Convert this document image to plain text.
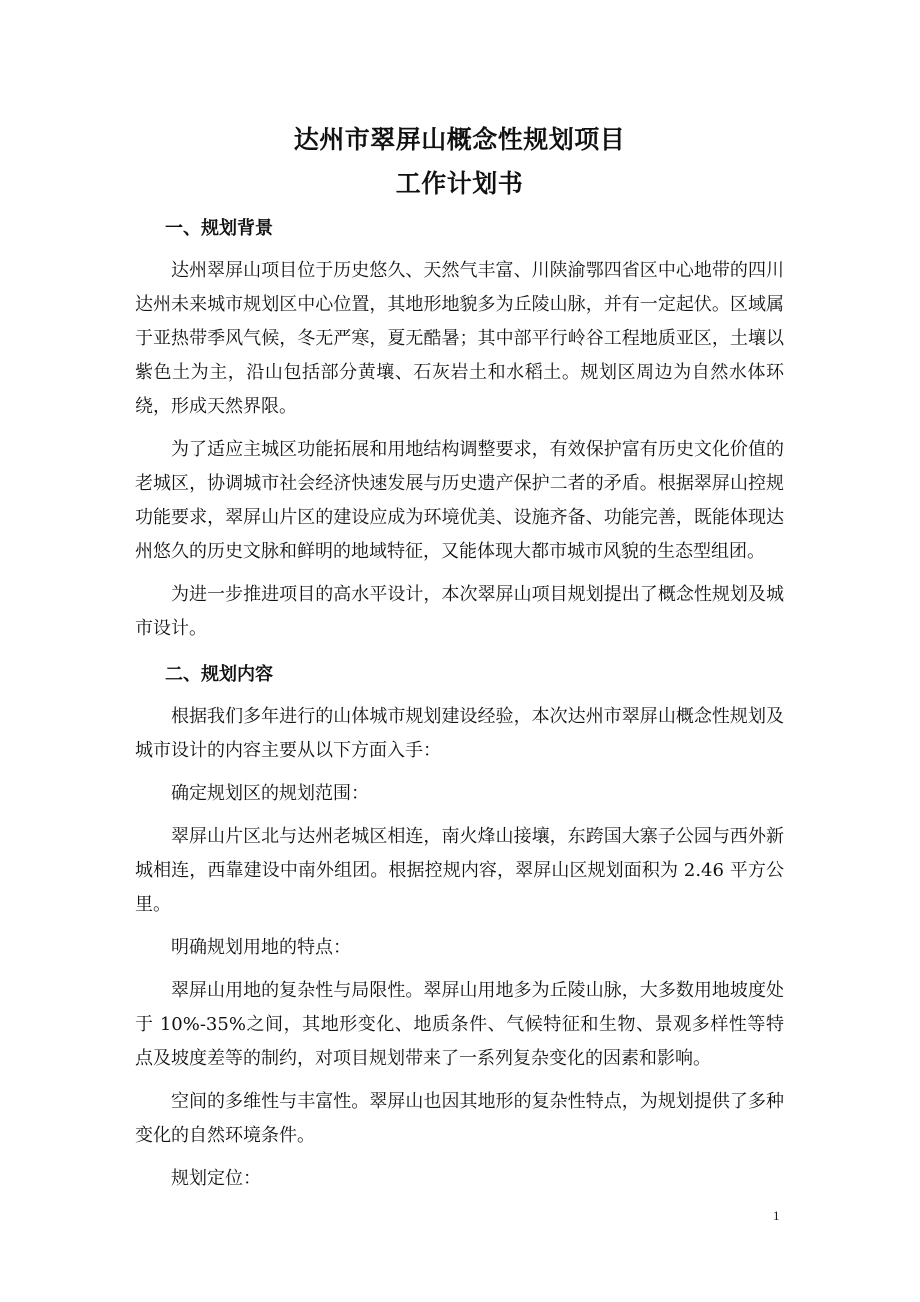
达州市翠屏山概念性规划项目
工作计划书
一、规划背景

达州翠屏山项目位于历史悠久、天然气丰富、川陕渝鄂四省区中心地带的四川达州未来城市规划区中心位置，其地形地貌多为丘陵山脉，并有一定起伏。区域属于亚热带季风气候，冬无严寒，夏无酷暑；其中部平行岭谷工程地质亚区，土壤以紫色土为主，沿山包括部分黄壤、石灰岩土和水稻土。规划区周边为自然水体环绕，形成天然界限。

为了适应主城区功能拓展和用地结构调整要求，有效保护富有历史文化价值的老城区，协调城市社会经济快速发展与历史遗产保护二者的矛盾。根据翠屏山控规功能要求，翠屏山片区的建设应成为环境优美、设施齐备、功能完善，既能体现达州悠久的历史文脉和鲜明的地域特征，又能体现大都市城市风貌的生态型组团。

为进一步推进项目的高水平设计，本次翠屏山项目规划提出了概念性规划及城市设计。

二、规划内容

根据我们多年进行的山体城市规划建设经验，本次达州市翠屏山概念性规划及城市设计的内容主要从以下方面入手：

确定规划区的规划范围：

翠屏山片区北与达州老城区相连，南火烽山接壤，东跨国大寨子公园与西外新城相连，西靠建设中南外组团。根据控规内容，翠屏山区规划面积为 2.46 平方公里。

明确规划用地的特点：

翠屏山用地的复杂性与局限性。翠屏山用地多为丘陵山脉，大多数用地坡度处于 10%-35%之间，其地形变化、地质条件、气候特征和生物、景观多样性等特点及坡度差等的制约，对项目规划带来了一系列复杂变化的因素和影响。

空间的多维性与丰富性。翠屏山也因其地形的复杂性特点，为规划提供了多种变化的自然环境条件。

规划定位：

1
